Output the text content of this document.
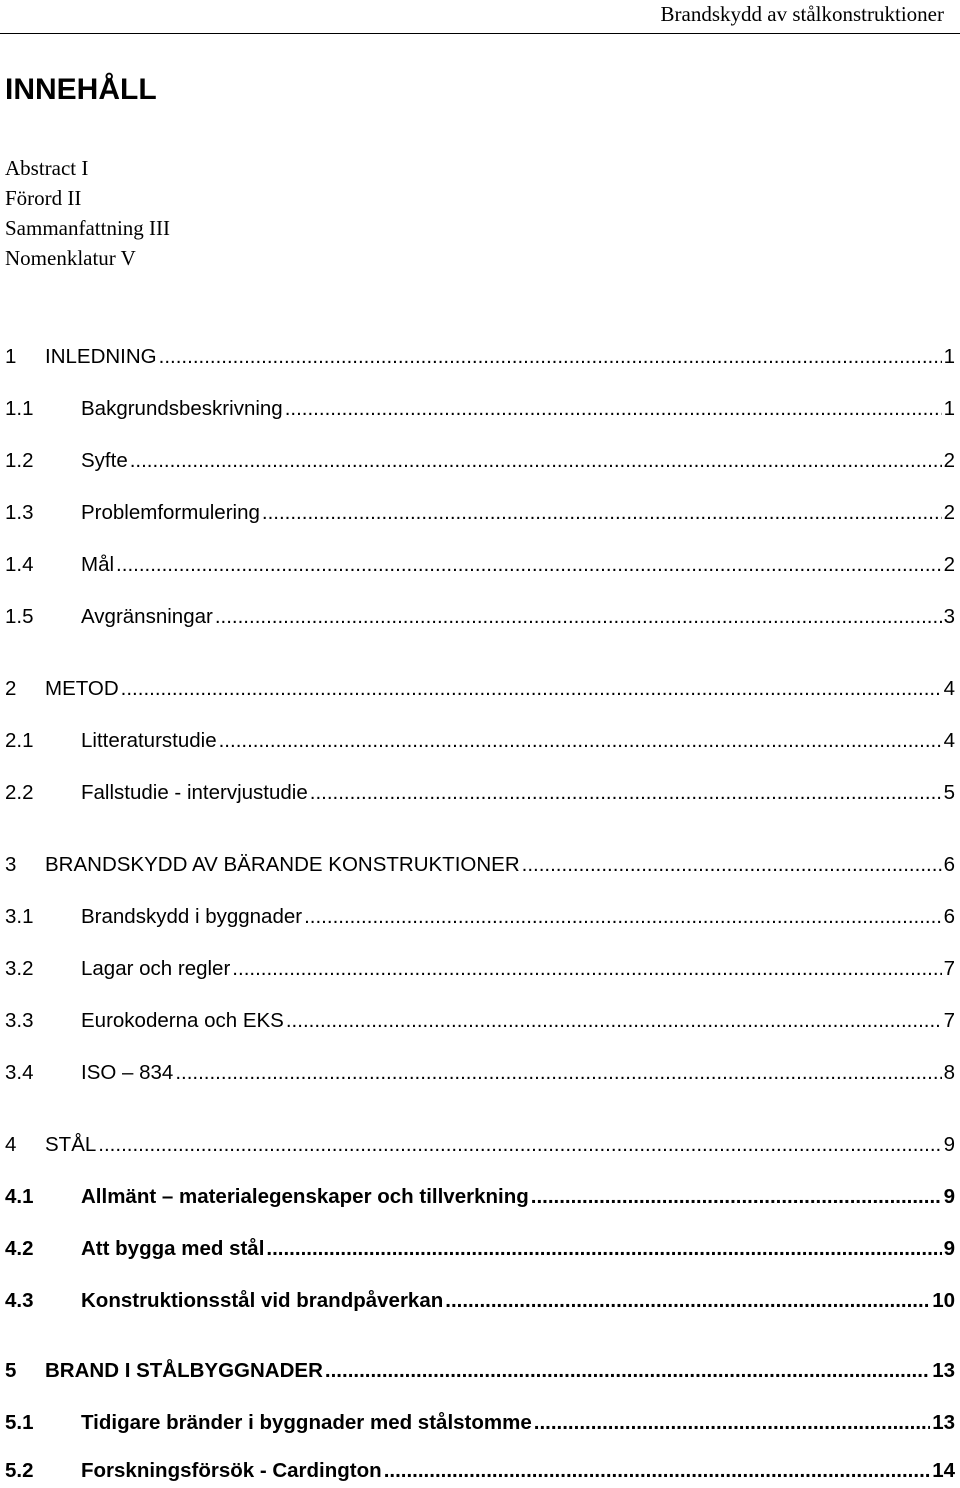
Brandskydd av stålkonstruktioner
INNEHÅLL
Abstract I
Förord II
Sammanfattning III
Nomenklatur V
1	INLEDNING .....	1
1.1	Bakgrundsbeskrivning .....	1
1.2	Syfte .....	2
1.3	Problemformulering .....	2
1.4	Mål .....	2
1.5	Avgränsningar .....	3
2	METOD .....	4
2.1	Litteraturstudie .....	4
2.2	Fallstudie - intervjustudie .....	5
3	BRANDSKYDD AV BÄRANDE KONSTRUKTIONER .....	6
3.1	Brandskydd i byggnader .....	6
3.2	Lagar och regler .....	7
3.3	Eurokoderna och EKS .....	7
3.4	ISO – 834 .....	8
4	STÅL .....	9
4.1	Allmänt – materialegenskaper och tillverkning .....	9
4.2	Att bygga med stål .....	9
4.3	Konstruktionsstål vid brandpåverkan .....	10
5	BRAND I STÅLBYGGNADER .....	13
5.1	Tidigare bränder i byggnader med stålstomme .....	13
5.2	Forskningsförsök - Cardington .....	14
